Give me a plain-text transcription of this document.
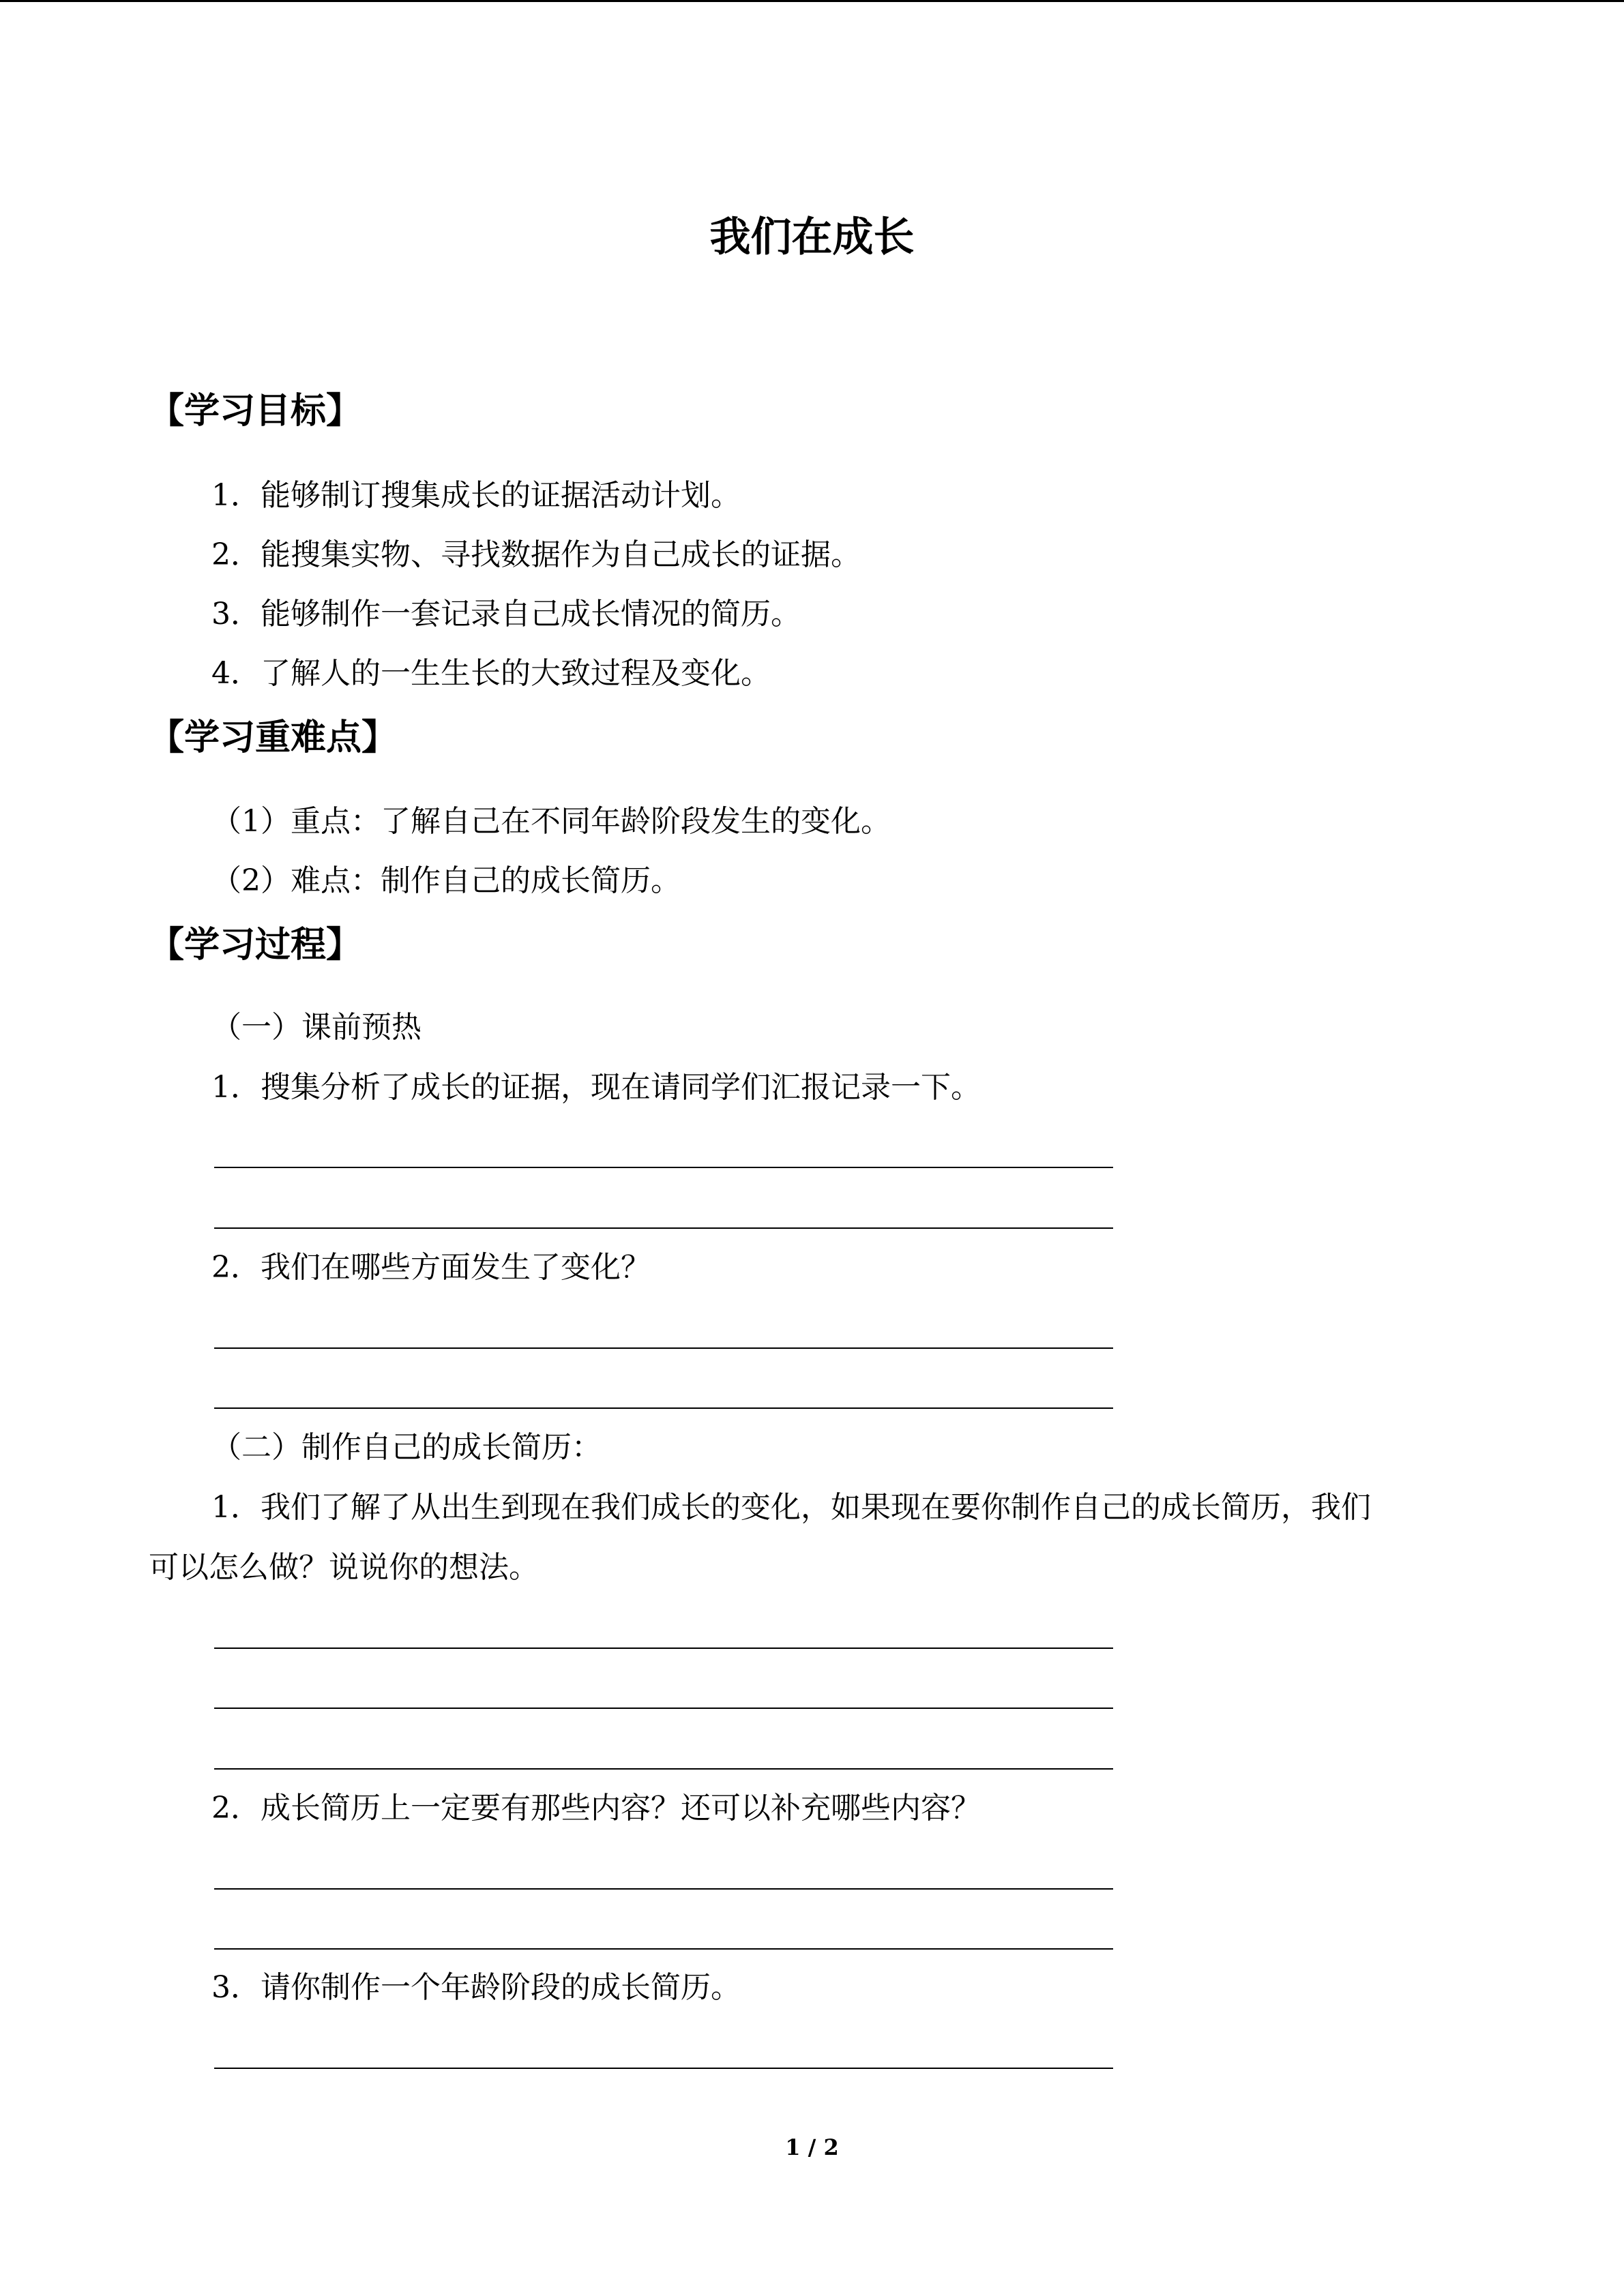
我们在成长
【学习目标】
1．能够制订搜集成长的证据活动计划。
2．能搜集实物、寻找数据作为自己成长的证据。
3．能够制作一套记录自己成长情况的简历。
4．了解人的一生生长的大致过程及变化。
【学习重难点】
（1）重点：了解自己在不同年龄阶段发生的变化。
（2）难点：制作自己的成长简历。
【学习过程】
（一）课前预热
1．搜集分析了成长的证据，现在请同学们汇报记录一下。
2．我们在哪些方面发生了变化？
（二）制作自己的成长简历：
1．我们了解了从出生到现在我们成长的变化，如果现在要你制作自己的成长简历，我们
可以怎么做？说说你的想法。
2．成长简历上一定要有那些内容？还可以补充哪些内容？
3．请你制作一个年龄阶段的成长简历。
1 / 2
